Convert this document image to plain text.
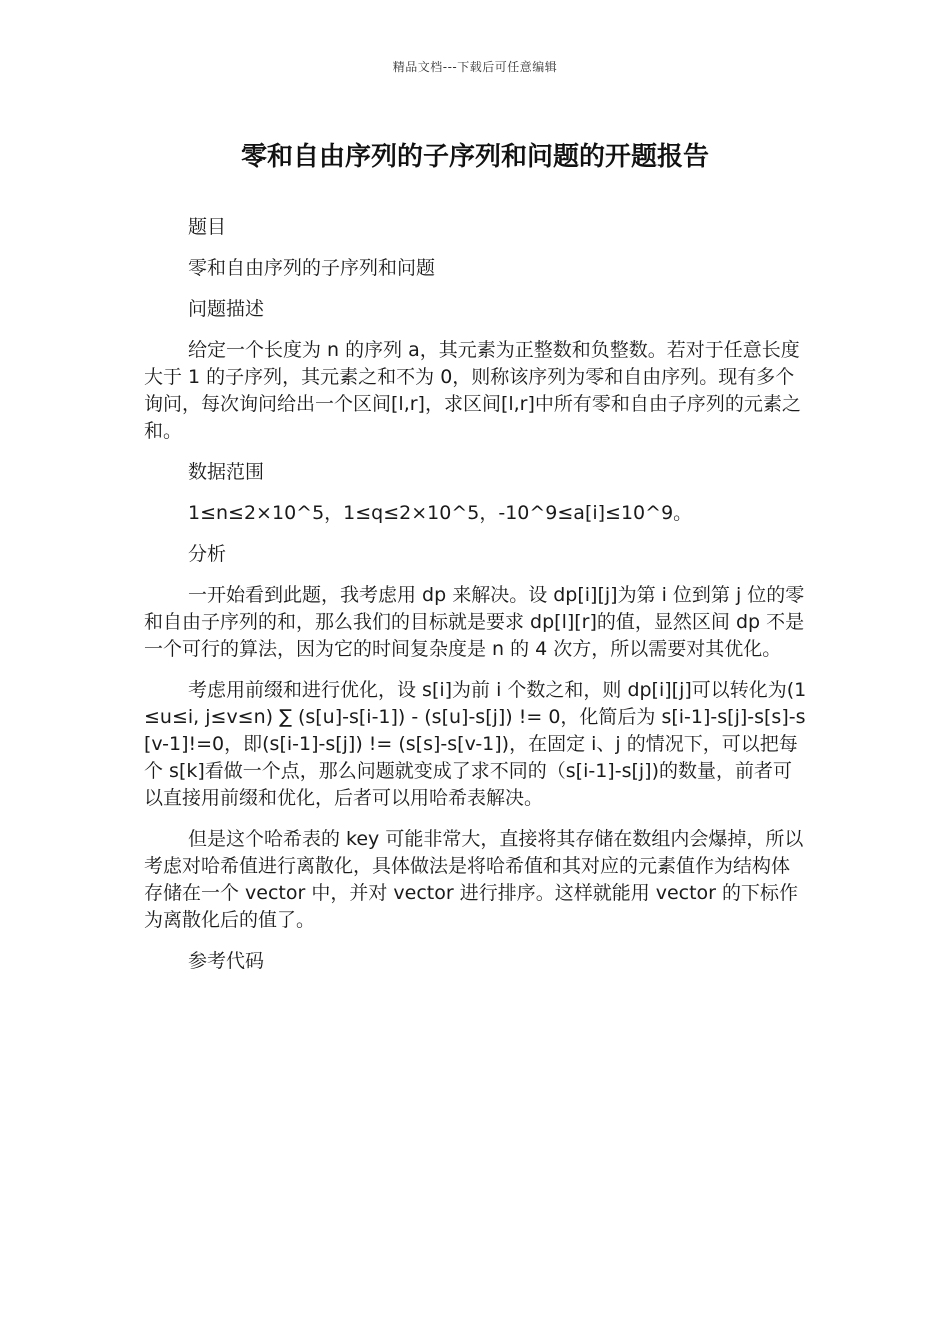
精品文档---下载后可任意编辑
零和自由序列的子序列和问题的开题报告

题目

零和自由序列的子序列和问题

问题描述

给定一个长度为 n 的序列 a，其元素为正整数和负整数。若对于任意长度大于 1 的子序列，其元素之和不为 0，则称该序列为零和自由序列。现有多个询问，每次询问给出一个区间[l,r]，求区间[l,r]中所有零和自由子序列的元素之和。

数据范围

1≤n≤2×10^5，1≤q≤2×10^5，-10^9≤a[i]≤10^9。

分析

一开始看到此题，我考虑用 dp 来解决。设 dp[i][j]为第 i 位到第 j 位的零和自由子序列的和，那么我们的目标就是要求 dp[l][r]的值，显然区间 dp 不是一个可行的算法，因为它的时间复杂度是 n 的 4 次方，所以需要对其优化。

考虑用前缀和进行优化，设 s[i]为前 i 个数之和，则 dp[i][j]可以转化为(1≤u≤i, j≤v≤n) ∑ (s[u]-s[i-1]) - (s[u]-s[j]) != 0，化简后为 s[i-1]-s[j]-s[s]-s[v-1]!=0，即(s[i-1]-s[j]) != (s[s]-s[v-1])，在固定 i、j 的情况下，可以把每个 s[k]看做一个点，那么问题就变成了求不同的（s[i-1]-s[j])的数量，前者可以直接用前缀和优化，后者可以用哈希表解决。

但是这个哈希表的 key 可能非常大，直接将其存储在数组内会爆掉，所以考虑对哈希值进行离散化，具体做法是将哈希值和其对应的元素值作为结构体存储在一个 vector 中，并对 vector 进行排序。这样就能用 vector 的下标作为离散化后的值了。

参考代码
